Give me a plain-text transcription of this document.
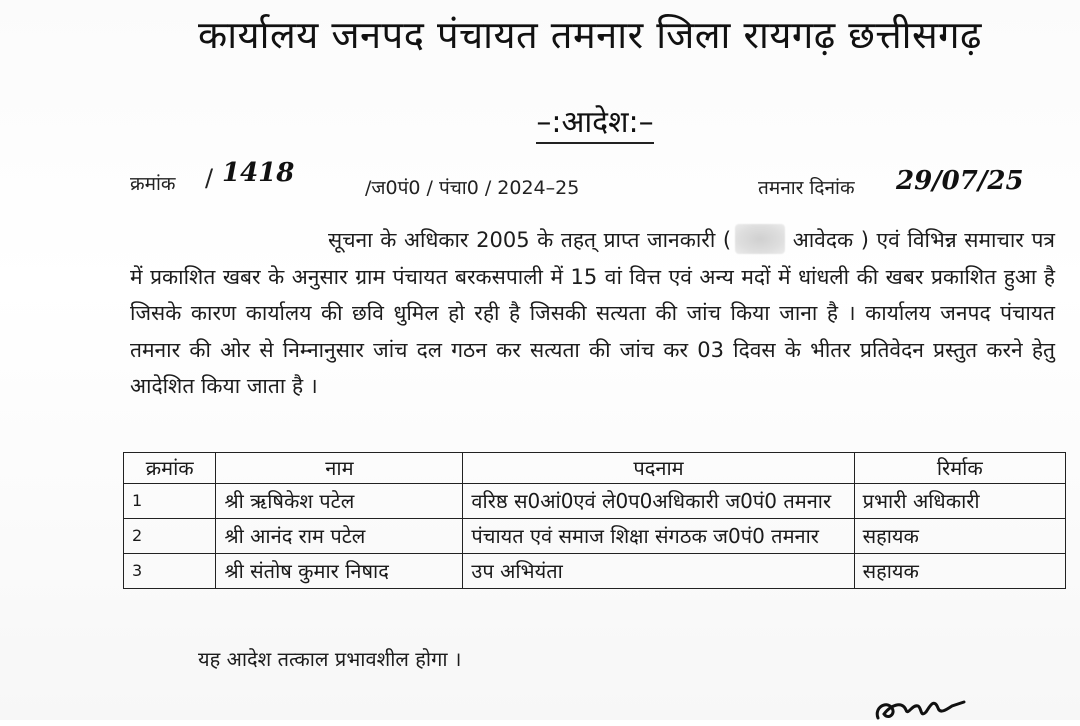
कार्यालय जनपद पंचायत तमनार जिला रायगढ़ छत्तीसगढ़
–:आदेश:–
क्रमांक / 1418	/ज0पं0 / पंचा0 / 2024–25	तमनार दिनांक 29/07/25
सूचना के अधिकार 2005 के तहत् प्राप्त जानकारी (	आवेदक ) एवं विभिन्न समाचार पत्र में प्रकाशित खबर के अनुसार ग्राम पंचायत बरकसपाली में 15 वां वित्त एवं अन्य मदों में धांधली की खबर प्रकाशित हुआ है जिसके कारण कार्यालय की छवि धुमिल हो रही है जिसकी सत्यता की जांच किया जाना है । कार्यालय जनपद पंचायत तमनार की ओर से निम्नानुसार जांच दल गठन कर सत्यता की जांच कर 03 दिवस के भीतर प्रतिवेदन प्रस्तुत करने हेतु आदेशित किया जाता है ।
क्रमांक	नाम	पदनाम	रिर्माक
1	श्री ऋषिकेश पटेल	वरिष्ठ स0आं0एवं ले0प0अधिकारी ज0पं0 तमनार	प्रभारी अधिकारी
2	श्री आनंद राम पटेल	पंचायत एवं समाज शिक्षा संगठक ज0पं0 तमनार	सहायक
3	श्री संतोष कुमार निषाद	उप अभियंता	सहायक
यह आदेश तत्काल प्रभावशील होगा ।
